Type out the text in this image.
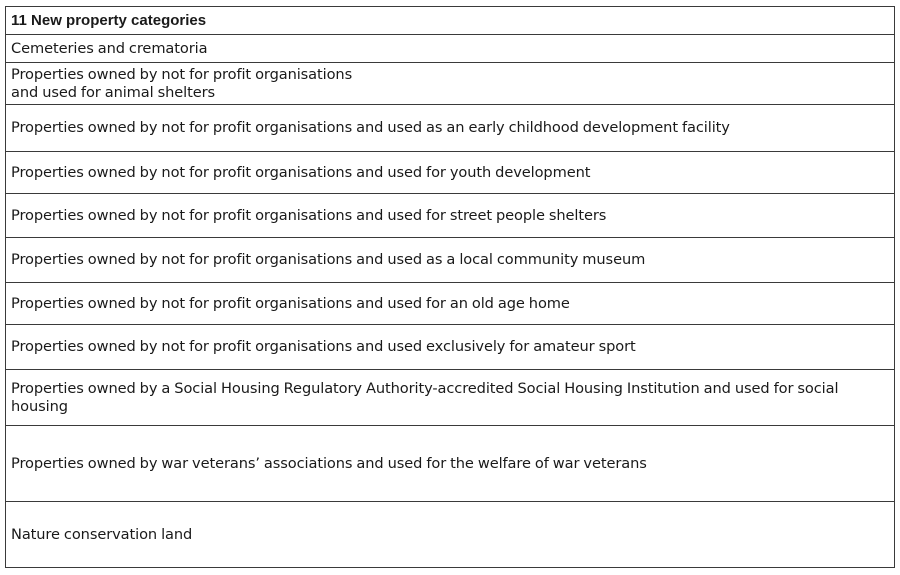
11 New property categories
Cemeteries and crematoria
Properties owned by not for profit organisations
and used for animal shelters
Properties owned by not for profit organisations and used as an early childhood development facility
Properties owned by not for profit organisations and used for youth development
Properties owned by not for profit organisations and used for street people shelters
Properties owned by not for profit organisations and used as a local community museum
Properties owned by not for profit organisations and used for an old age home
Properties owned by not for profit organisations and used exclusively for amateur sport
Properties owned by a Social Housing Regulatory Authority-accredited Social Housing Institution and used for social housing
Properties owned by war veterans’ associations and used for the welfare of war veterans
Nature conservation land
